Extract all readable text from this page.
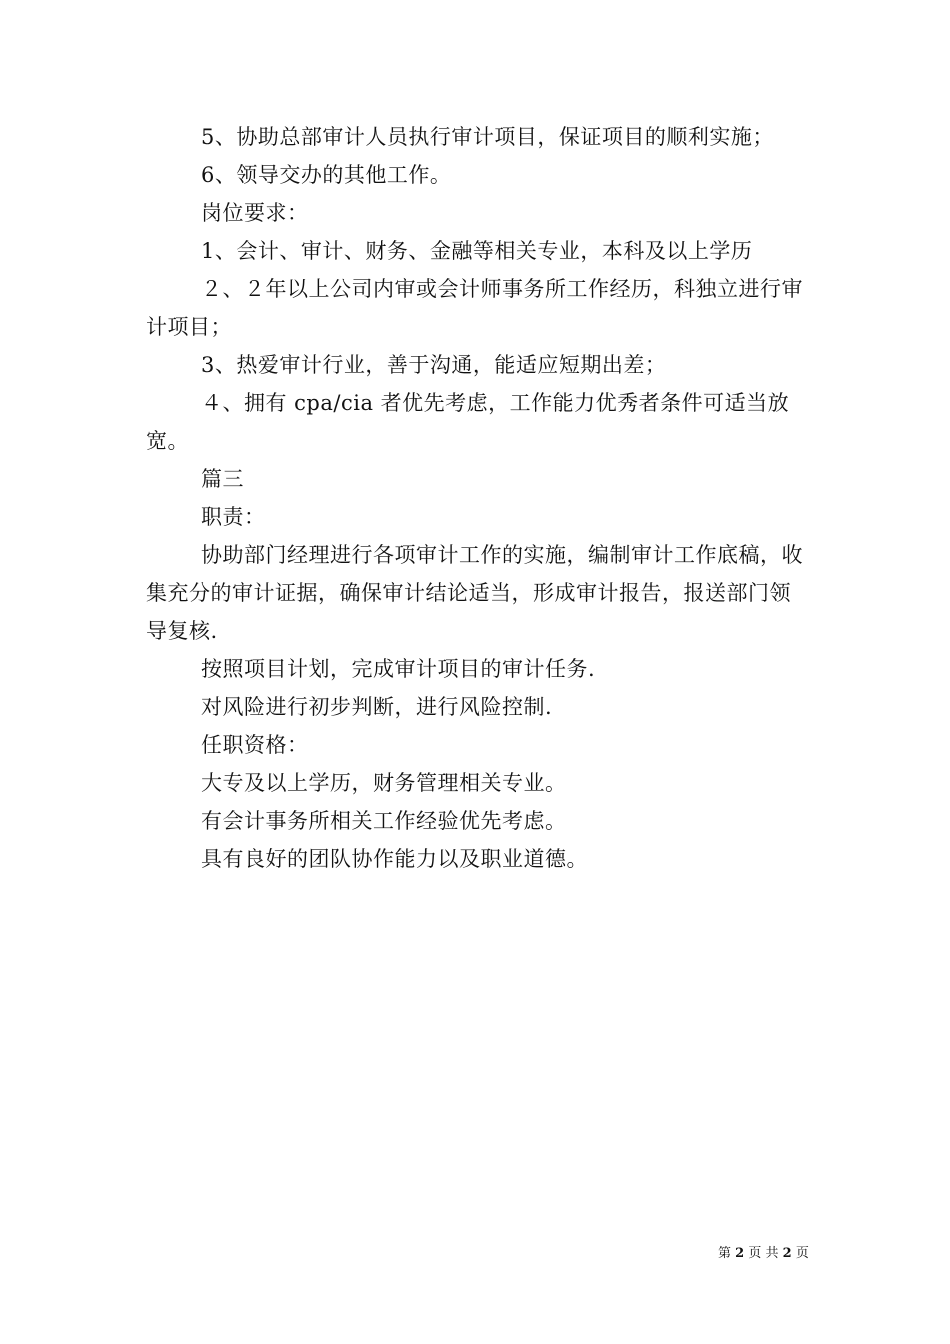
5、协助总部审计人员执行审计项目，保证项目的顺利实施；

6、领导交办的其他工作。

岗位要求：

1、会计、审计、财务、金融等相关专业，本科及以上学历

２、２年以上公司内审或会计师事务所工作经历，科独立进行审计项目；

3、热爱审计行业，善于沟通，能适应短期出差；

４、拥有 cpa/cia 者优先考虑，工作能力优秀者条件可适当放宽。

篇三

职责：

协助部门经理进行各项审计工作的实施，编制审计工作底稿，收集充分的审计证据，确保审计结论适当，形成审计报告，报送部门领导复核.

按照项目计划，完成审计项目的审计任务.

对风险进行初步判断，进行风险控制.

任职资格：

大专及以上学历，财务管理相关专业。

有会计事务所相关工作经验优先考虑。

具有良好的团队协作能力以及职业道德。

第 2 页 共 2 页
